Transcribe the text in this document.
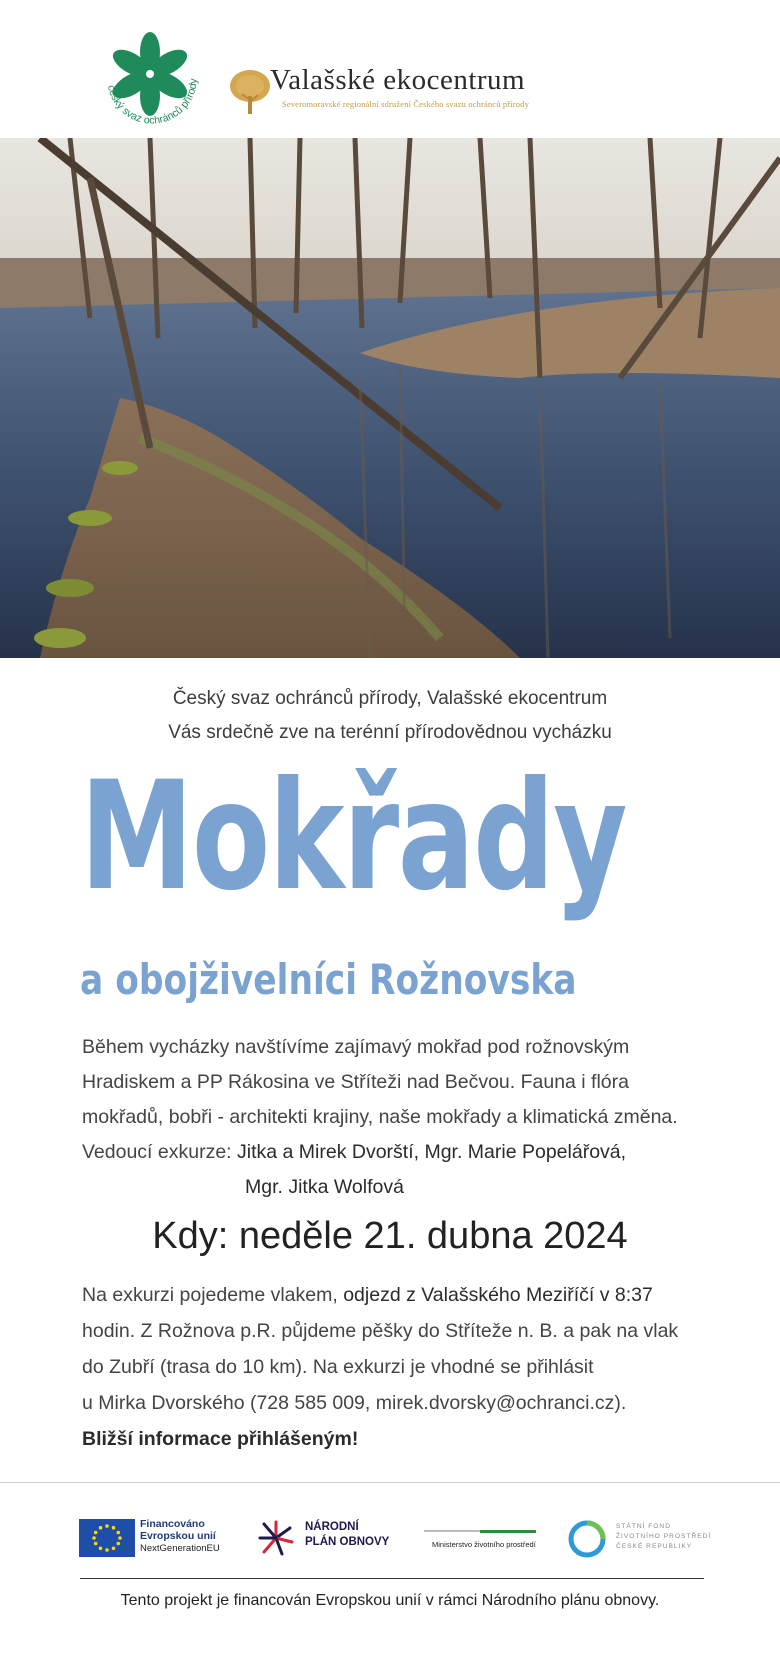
český svaz ochránců přírody Valašské ekocentrum
Severomoravské regionální sdružení Českého svazu ochránců přírody
Český svaz ochránců přírody, Valašské ekocentrum
Vás srdečně zve na terénní přírodovědnou vycházku
Mokřady
a obojživelníci Rožnovska
Během vycházky navštívíme zajímavý mokřad pod rožnovským
Hradiskem a PP Rákosina ve Stříteži nad Bečvou. Fauna i flóra
mokřadů, bobři - architekti krajiny, naše mokřady a klimatická změna.
Vedoucí exkurze: Jitka a Mirek Dvorští, Mgr. Marie Popelářová,
Mgr. Jitka Wolfová
Kdy: neděle 21. dubna 2024
Na exkurzi pojedeme vlakem, odjezd z Valašského Meziříčí v 8:37
hodin. Z Rožnova p.R. půjdeme pěšky do Stříteže n. B. a pak na vlak
do Zubří (trasa do 10 km). Na exkurzi je vhodné se přihlásit
u Mirka Dvorského (728 585 009, mirek.dvorsky@ochranci.cz).
Bližší informace přihlášeným!
Financováno
Evropskou unií
NextGenerationEU
NÁRODNÍ
PLÁN OBNOVY	Ministerstvo životního prostředí
STÁTNÍ FOND
ŽIVOTNÍHO PROSTŘEDÍ
ČESKÉ REPUBLIKY
Tento projekt je financován Evropskou unií v rámci Národního plánu obnovy.
